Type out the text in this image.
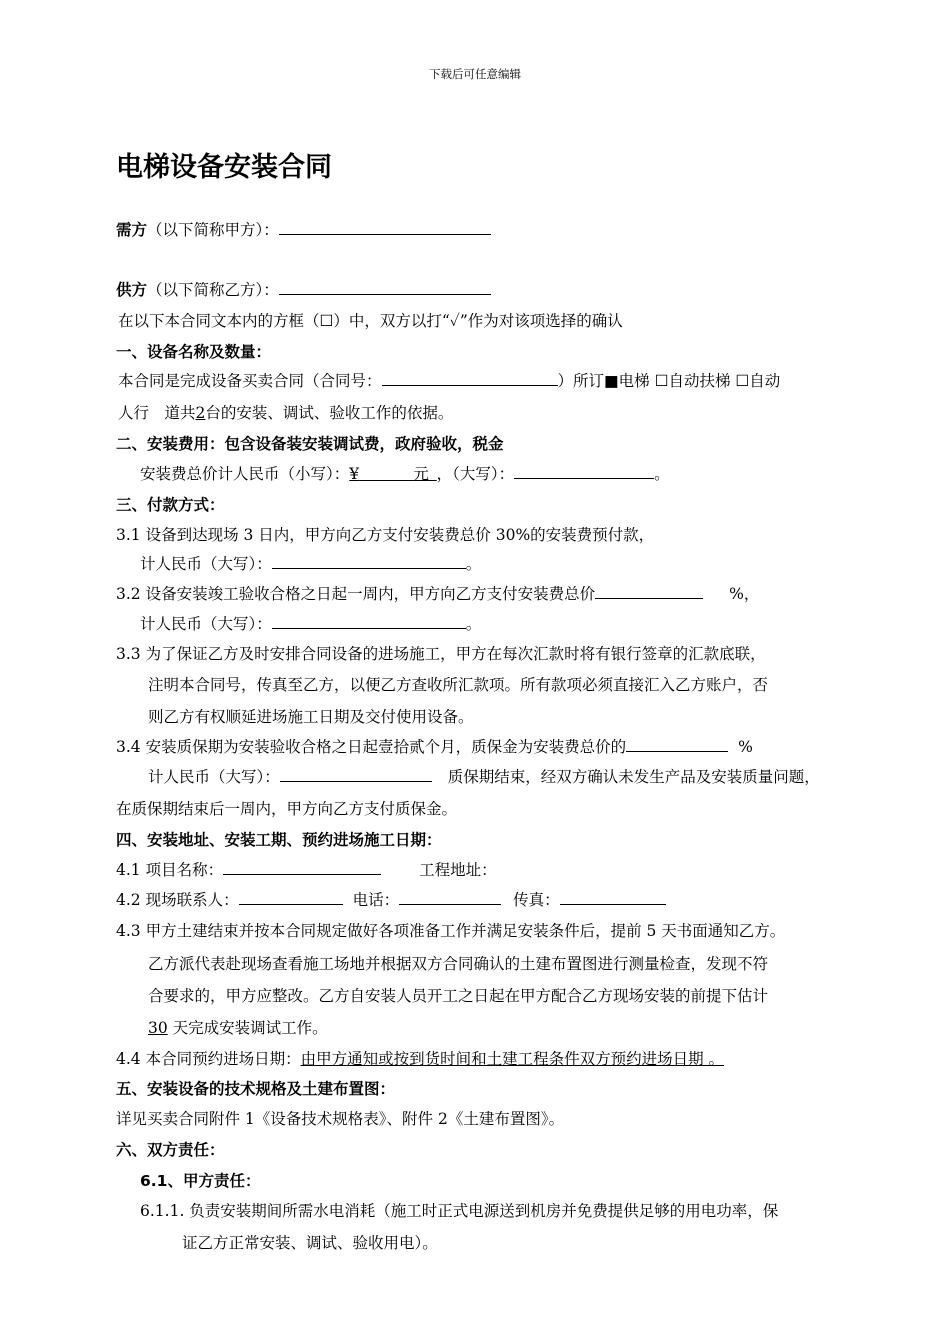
下载后可任意编辑
电梯设备安装合同
需方（以下简称甲方）：
供方（以下简称乙方）：
在以下本合同文本内的方框（☐）中，双方以打“✓”作为对该项选择的确认
一、设备名称及数量：
本合同是完成设备买卖合同（合同号：	）所订■电梯 ☐自动扶梯 ☐自动
人行　道共2台的安装、调试、验收工作的依据。
二、安装费用：包含设备装安装调试费，政府验收，税金
安装费总价计人民币（小写）：¥    	元  ，（大写）：	。
三、付款方式：
3.1 设备到达现场 3 日内，甲方向乙方支付安装费总价 30%的安装费预付款，
计人民币（大写）：	。
3.2 设备安装竣工验收合格之日起一周内，甲方向乙方支付安装费总价	%，
计人民币（大写）：	。
3.3 为了保证乙方及时安排合同设备的进场施工，甲方在每次汇款时将有银行签章的汇款底联，
注明本合同号，传真至乙方，以便乙方查收所汇款项。所有款项必须直接汇入乙方账户，否
则乙方有权顺延进场施工日期及交付使用设备。
3.4 安装质保期为安装验收合格之日起壹拾贰个月，质保金为安装费总价的	%
计人民币（大写）：	质保期结束，经双方确认未发生产品及安装质量问题，
在质保期结束后一周内，甲方向乙方支付质保金。
四、安装地址、安装工期、预约进场施工日期：
4.1 项目名称：	工程地址：
4.2 现场联系人：	电话：	传真：
4.3 甲方土建结束并按本合同规定做好各项准备工作并满足安装条件后，提前 5 天书面通知乙方。
乙方派代表赴现场查看施工场地并根据双方合同确认的土建布置图进行测量检查，发现不符
合要求的，甲方应整改。乙方自安装人员开工之日起在甲方配合乙方现场安装的前提下估计
30 天完成安装调试工作。
4.4 本合同预约进场日期：由甲方通知或按到货时间和土建工程条件双方预约进场日期 。
五、安装设备的技术规格及土建布置图：
详见买卖合同附件 1《设备技术规格表》、附件 2《土建布置图》。
六、双方责任：
6.1、甲方责任：
6.1.1. 负责安装期间所需水电消耗（施工时正式电源送到机房并免费提供足够的用电功率，保
证乙方正常安装、调试、验收用电）。
